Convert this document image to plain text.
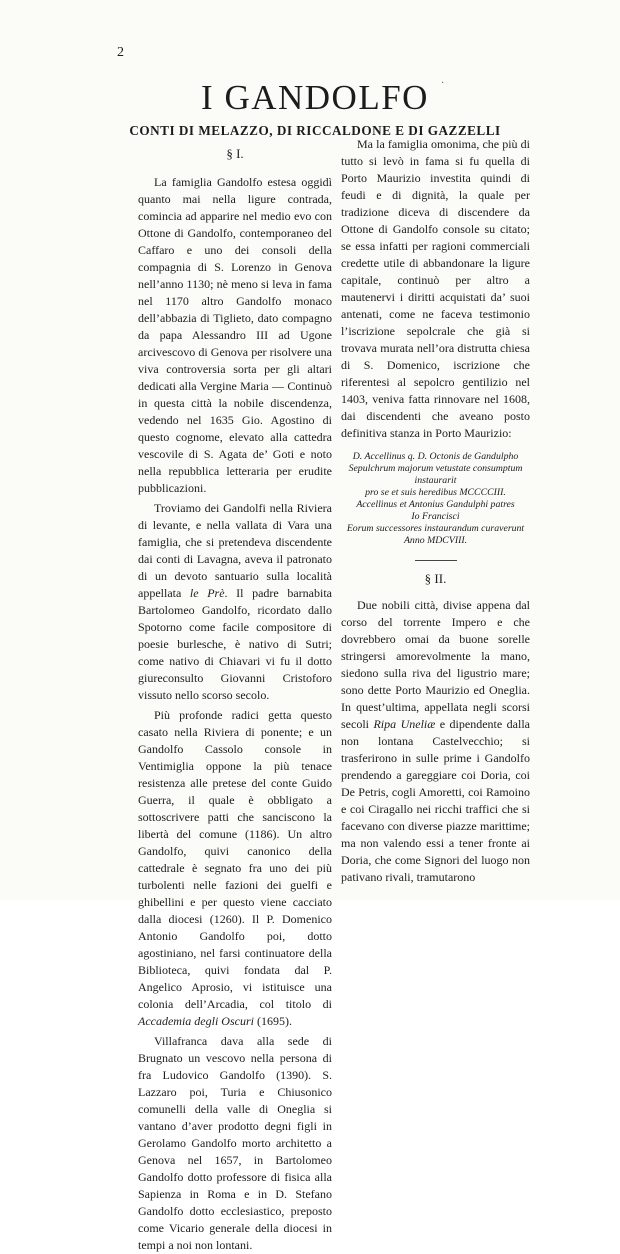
2
·
I GANDOLFO
CONTI DI MELAZZO, DI RICCALDONE E DI GAZZELLI
§ I.

La famiglia Gandolfo estesa oggidì quanto mai nella ligure contrada, comincia ad apparire nel medio evo con Ottone di Gandolfo, contemporaneo del Caffaro e uno dei consoli della compagnia di S. Lorenzo in Genova nell’anno 1130; nè meno si leva in fama nel 1170 altro Gandolfo monaco dell’abbazia di Tiglieto, dato compagno da papa Alessandro III ad Ugone arcivescovo di Genova per risolvere una viva controversia sorta per gli altari dedicati alla Vergine Maria — Continuò in questa città la nobile discendenza, vedendo nel 1635 Gio. Agostino di questo cognome, elevato alla cattedra vescovile di S. Agata de’ Goti e noto nella repubblica letteraria per erudite pubblicazioni.

Troviamo dei Gandolfi nella Riviera di levante, e nella vallata di Vara una famiglia, che si pretendeva discendente dai conti di Lavagna, aveva il patronato di un devoto santuario sulla località appellata le Prè. Il padre barnabita Bartolomeo Gandolfo, ricordato dallo Spotorno come facile compositore di poesie burlesche, è nativo di Sutri; come nativo di Chiavari vi fu il dotto giureconsulto Giovanni Cristoforo vissuto nello scorso secolo.

Più profonde radici getta questo casato nella Riviera di ponente; e un Gandolfo Cassolo console in Ventimiglia oppone la più tenace resistenza alle pretese del conte Guido Guerra, il quale è obbligato a sottoscrivere patti che sanciscono la libertà del comune (1186). Un altro Gandolfo, quivi canonico della cattedrale è segnato fra uno dei più turbolenti nelle fazioni dei guelfi e ghibellini e per questo viene cacciato dalla diocesi (1260). Il P. Domenico Antonio Gandolfo poi, dotto agostiniano, nel farsi continuatore della Biblioteca, quivi fondata dal P. Angelico Aprosio, vi istituisce una colonia dell’Arcadia, col titolo di Accademia degli Oscuri (1695).

Villafranca dava alla sede di Brugnato un vescovo nella persona di fra Ludovico Gandolfo (1390). S. Lazzaro poi, Turia e Chiusonico comunelli della valle di Oneglia si vantano d’aver prodotto degni figli in Gerolamo Gandolfo morto architetto a Genova nel 1657, in Bartolomeo Gandolfo dotto professore di fisica alla Sapienza in Roma e in D. Stefano Gandolfo dotto ecclesiastico, preposto come Vicario generale della diocesi in tempi a noi non lontani.

Ma la famiglia omonima, che più di tutto si levò in fama si fu quella di Porto Maurizio investita quindi di feudi e di dignità, la quale per tradizione diceva di discendere da Ottone di Gandolfo console su citato; se essa infatti per ragioni commerciali credette utile di abbandonare la ligure capitale, continuò per altro a mautenervi i diritti acquistati da’ suoi antenati, come ne faceva testimonio l’iscrizione sepolcrale che già si trovava murata nell’ora distrutta chiesa di S. Domenico, iscrizione che riferentesi al sepolcro gentilizio nel 1403, veniva fatta rinnovare nel 1608, dai discendenti che aveano posto definitiva stanza in Porto Maurizio:

D. Accellinus q. D. Octonis de Gandulpho
Sepulchrum majorum vetustate consumptum
instaurarit
pro se et suis heredibus MCCCCIII.
Accellinus et Antonius Gandulphi patres
Io Francisci
Eorum successores instaurandum curaverunt
Anno MDCVIII.
§ II.

Due nobili città, divise appena dal corso del torrente Impero e che dovrebbero omai da buone sorelle stringersi amorevolmente la mano, siedono sulla riva del ligustrio mare; sono dette Porto Maurizio ed Oneglia. In quest’ultima, appellata negli scorsi secoli Ripa Uneliæ e dipendente dalla non lontana Castelvecchio; si trasferirono in sulle prime i Gandolfo prendendo a gareggiare coi Doria, coi De Petris, cogli Amoretti, coi Ramoino e coi Ciragallo nei ricchi traffici che si facevano con diverse piazze marittime; ma non valendo essi a tener fronte ai Doria, che come Signori del luogo non pativano rivali, tramutarono
